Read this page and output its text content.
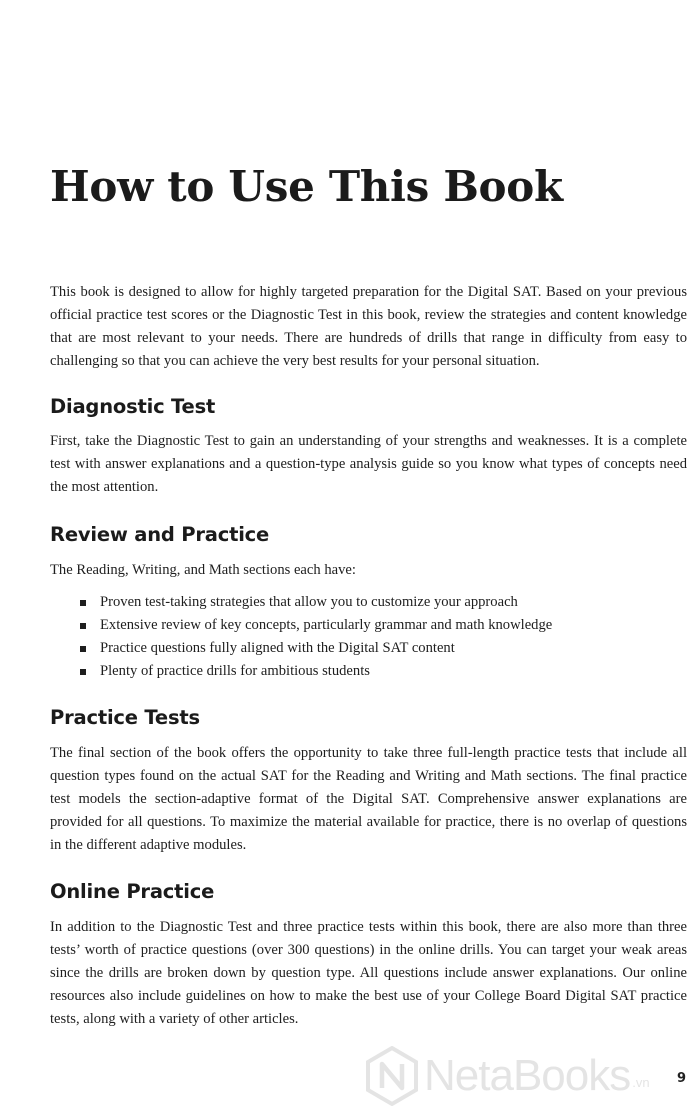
How to Use This Book

This book is designed to allow for highly targeted preparation for the Digital SAT. Based on your previous official practice test scores or the Diagnostic Test in this book, review the strategies and content knowledge that are most relevant to your needs. There are hundreds of drills that range in difficulty from easy to challenging so that you can achieve the very best results for your personal situation.

Diagnostic Test

First, take the Diagnostic Test to gain an understanding of your strengths and weaknesses. It is a complete test with answer explanations and a question-type analysis guide so you know what types of concepts need the most attention.

Review and Practice

The Reading, Writing, and Math sections each have:

Proven test-taking strategies that allow you to customize your approach
Extensive review of key concepts, particularly grammar and math knowledge
Practice questions fully aligned with the Digital SAT content
Plenty of practice drills for ambitious students
Practice Tests

The final section of the book offers the opportunity to take three full-length practice tests that include all question types found on the actual SAT for the Reading and Writing and Math sections. The final practice test models the section-adaptive format of the Digital SAT. Comprehensive answer explanations are provided for all questions. To maximize the material available for practice, there is no overlap of questions in the different adaptive modules.

Online Practice

In addition to the Diagnostic Test and three practice tests within this book, there are also more than three tests’ worth of practice questions (over 300 questions) in the online drills. You can target your weak areas since the drills are broken down by question type. All questions include answer explanations. Our online resources also include guidelines on how to make the best use of your College Board Digital SAT practice tests, along with a variety of other articles.

NetaBooks .vn 9
